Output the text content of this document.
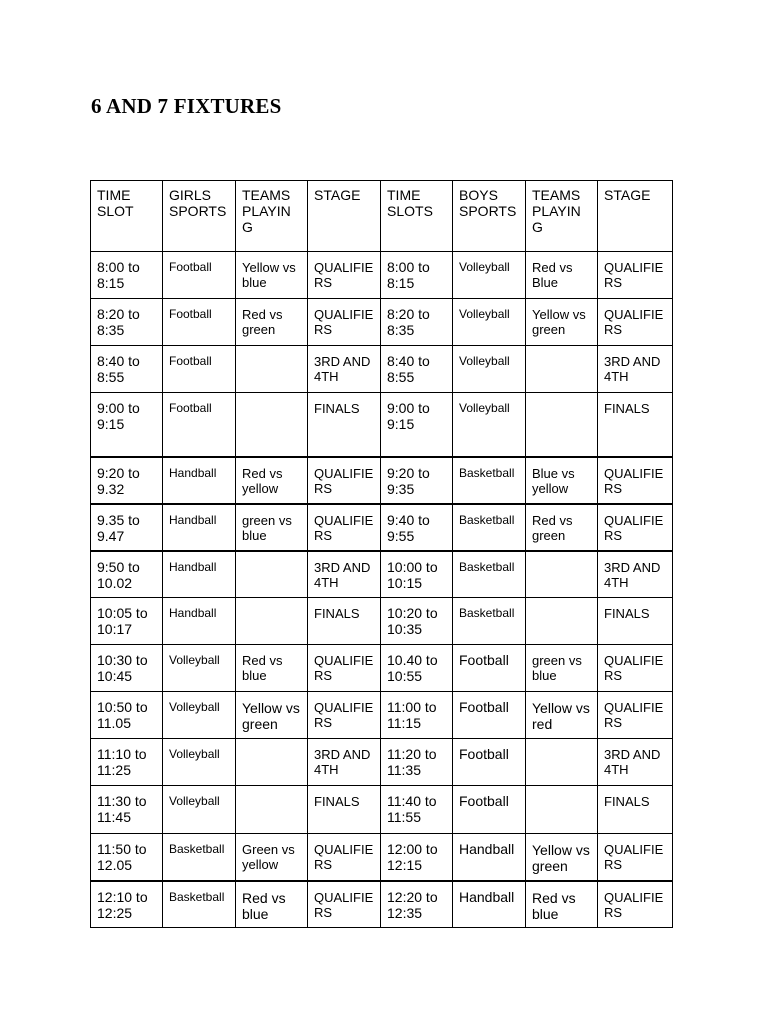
6 AND 7 FIXTURES
TIME SLOT	GIRLS SPORTS	TEAMS PLAYING	STAGE	TIME SLOTS	BOYS SPORTS	TEAMS PLAYIN G	STAGE
8:00 to 8:15	Football	Yellow vs blue	QUALIFIE RS	8:00 to 8:15	Volleyball	Red vs Blue	QUALIFIE RS
8:20 to 8:35	Football	Red vs green	QUALIFIE RS	8:20 to 8:35	Volleyball	Yellow vs green	QUALIFIE RS
8:40 to 8:55	Football		3RD AND 4TH	8:40 to 8:55	Volleyball		3RD AND 4TH
9:00 to 9:15	Football		FINALS	9:00 to 9:15	Volleyball		FINALS
9:20 to 9.32	Handball	Red vs yellow	QUALIFIE RS	9:20 to 9:35	Basketball	Blue vs yellow	QUALIFIE RS
9.35 to 9.47	Handball	green vs blue	QUALIFIE RS	9:40 to 9:55	Basketball	Red vs green	QUALIFIE RS
9:50 to 10.02	Handball		3RD AND 4TH	10:00 to 10:15	Basketball		3RD AND 4TH
10:05 to 10:17	Handball		FINALS	10:20 to 10:35	Basketball		FINALS
10:30 to 10:45	Volleyball	Red vs blue	QUALIFIE RS	10.40 to 10:55	Football	green vs blue	QUALIFIE RS
10:50 to 11.05	Volleyball	Yellow vs green	QUALIFIE RS	11:00 to 11:15	Football	Yellow vs red	QUALIFIE RS
11:10 to 11:25	Volleyball		3RD AND 4TH	11:20 to 11:35	Football		3RD AND 4TH
11:30 to 11:45	Volleyball		FINALS	11:40 to 11:55	Football		FINALS
11:50 to 12.05	Basketball	Green vs yellow	QUALIFIE RS	12:00 to 12:15	Handball	Yellow vs green	QUALIFIE RS
12:10 to 12:25	Basketball	Red vs blue	QUALIFIE RS	12:20 to 12:35	Handball	Red vs blue	QUALIFIE RS
